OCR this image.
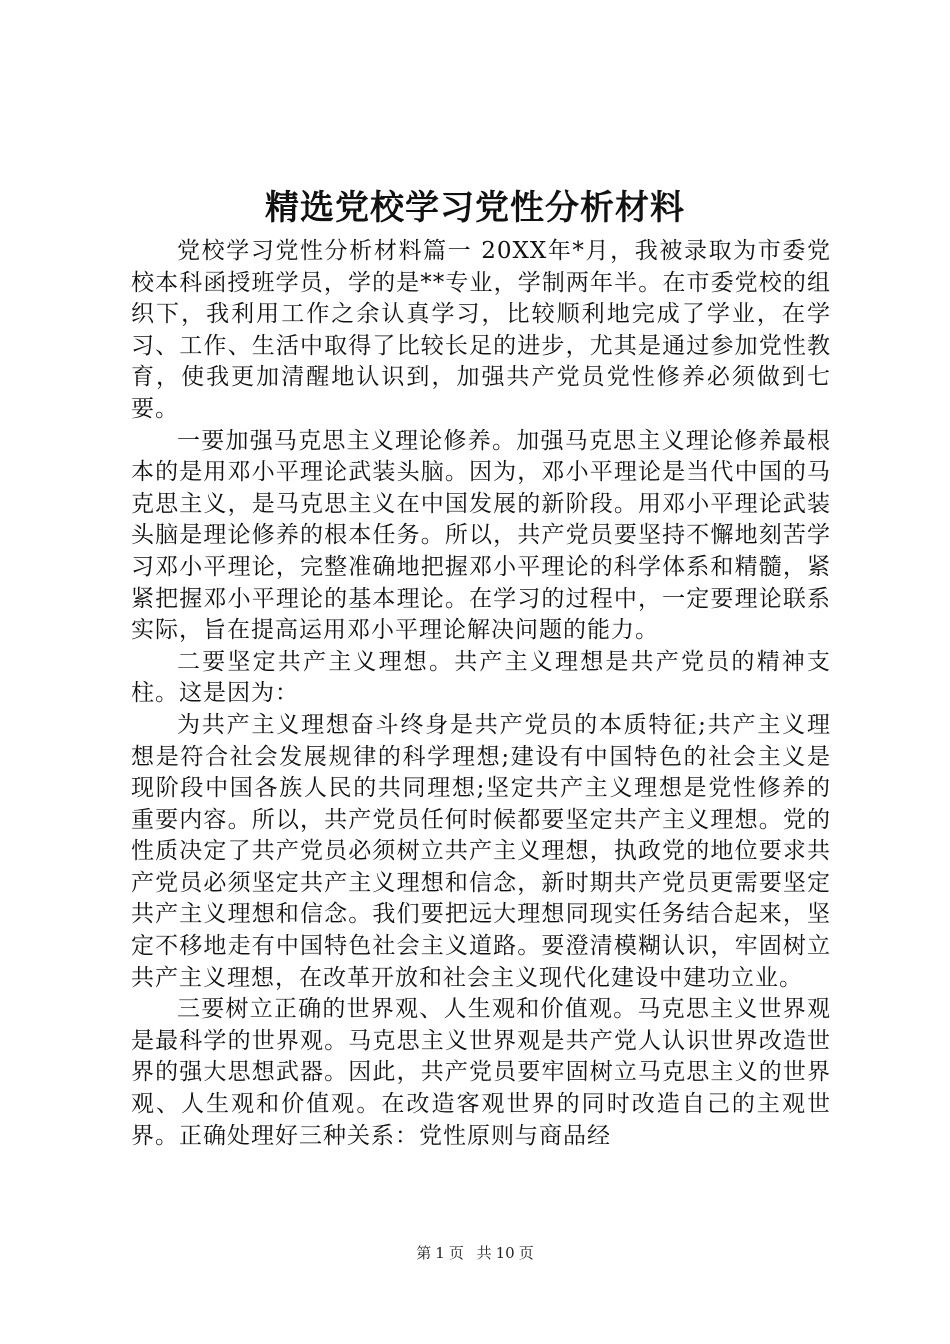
精选党校学习党性分析材料

党校学习党性分析材料篇一 20XX年*月，我被录取为市委党校本科函授班学员，学的是**专业，学制两年半。在市委党校的组织下，我利用工作之余认真学习，比较顺利地完成了学业，在学习、工作、生活中取得了比较长足的进步，尤其是通过参加党性教育，使我更加清醒地认识到，加强共产党员党性修养必须做到七要。

一要加强马克思主义理论修养。加强马克思主义理论修养最根本的是用邓小平理论武装头脑。因为，邓小平理论是当代中国的马克思主义，是马克思主义在中国发展的新阶段。用邓小平理论武装头脑是理论修养的根本任务。所以，共产党员要坚持不懈地刻苦学习邓小平理论，完整准确地把握邓小平理论的科学体系和精髓，紧紧把握邓小平理论的基本理论。在学习的过程中，一定要理论联系实际，旨在提高运用邓小平理论解决问题的能力。

二要坚定共产主义理想。共产主义理想是共产党员的精神支柱。这是因为：

为共产主义理想奋斗终身是共产党员的本质特征;共产主义理想是符合社会发展规律的科学理想;建设有中国特色的社会主义是现阶段中国各族人民的共同理想;坚定共产主义理想是党性修养的重要内容。所以，共产党员任何时候都要坚定共产主义理想。党的性质决定了共产党员必须树立共产主义理想，执政党的地位要求共产党员必须坚定共产主义理想和信念，新时期共产党员更需要坚定共产主义理想和信念。我们要把远大理想同现实任务结合起来，坚定不移地走有中国特色社会主义道路。要澄清模糊认识，牢固树立共产主义理想，在改革开放和社会主义现代化建设中建功立业。

三要树立正确的世界观、人生观和价值观。马克思主义世界观是最科学的世界观。马克思主义世界观是共产党人认识世界改造世界的强大思想武器。因此，共产党员要牢固树立马克思主义的世界观、人生观和价值观。在改造客观世界的同时改造自己的主观世界。正确处理好三种关系：党性原则与商品经

第 1 页 共 10 页
